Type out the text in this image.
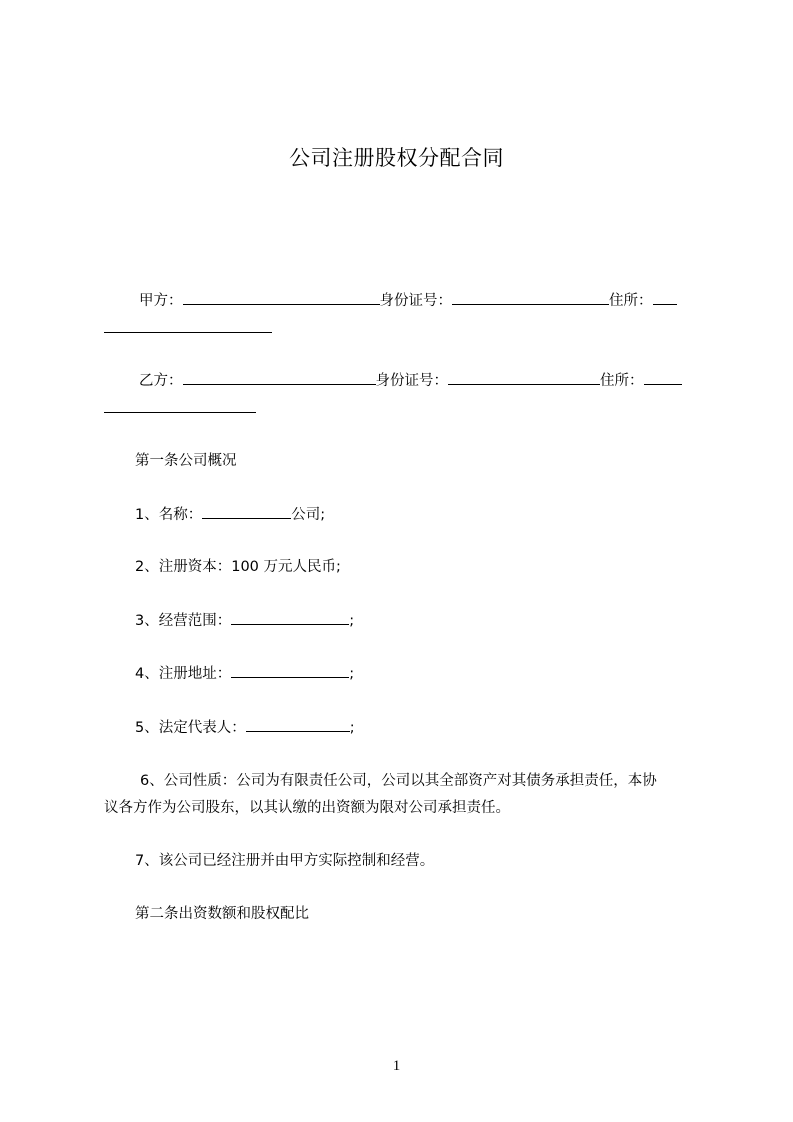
公司注册股权分配合同
甲方：	身份证号：	住所：
乙方：	身份证号：	住所：
第一条公司概况
1、名称：	公司;
2、注册资本：100 万元人民币;
3、经营范围：	;
4、注册地址：	;
5、法定代表人：	;
6、公司性质：公司为有限责任公司，公司以其全部资产对其债务承担责任，本协
议各方作为公司股东，以其认缴的出资额为限对公司承担责任。
7、该公司已经注册并由甲方实际控制和经营。
第二条出资数额和股权配比
1
